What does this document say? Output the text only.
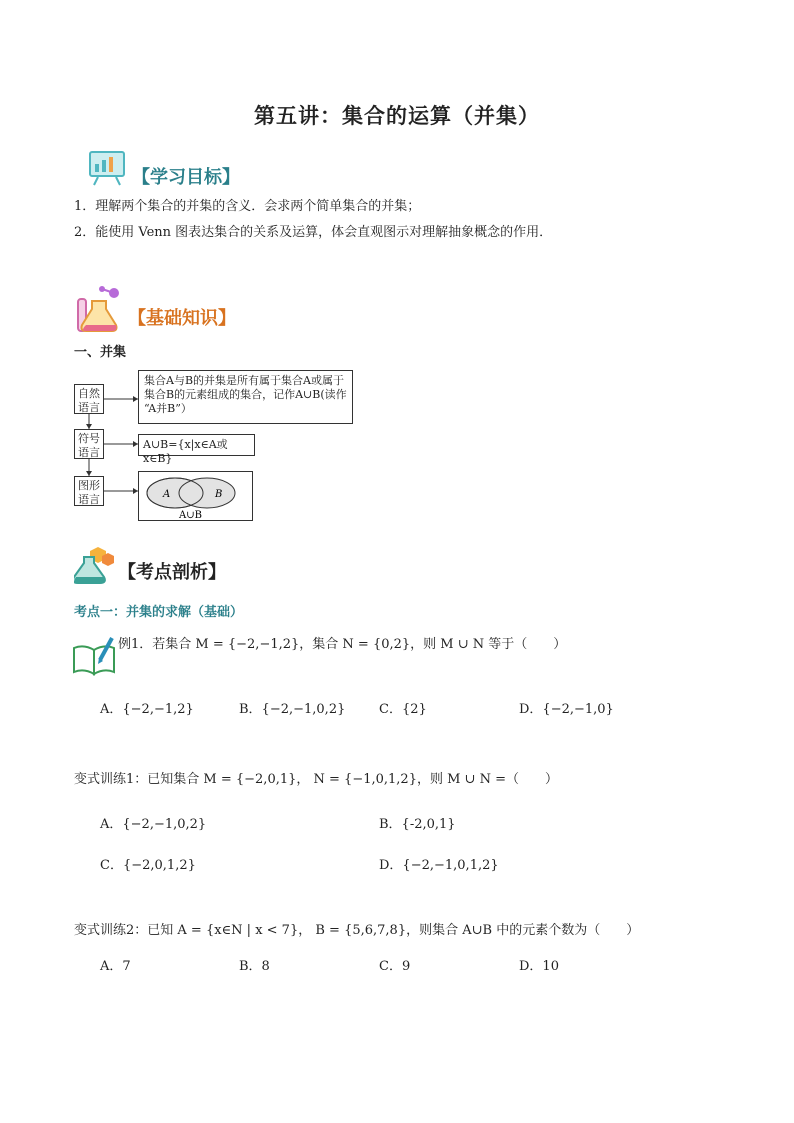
第五讲：集合的运算（并集）
【学习目标】
1．理解两个集合的并集的含义．会求两个简单集合的并集；
2．能使用 Venn 图表达集合的关系及运算，体会直观图示对理解抽象概念的作用．
【基础知识】
一、并集
自然语言
符号语言
图形语言
集合A与B的并集是所有属于集合A或属于
集合B的元素组成的集合，记作A∪B(读作
“A并B”）
A∪B={x|x∈A或x∈B}
A	B
A∪B
【考点剖析】
考点一：并集的求解（基础）
例1．若集合 M = {−2,−1,2}，集合 N = {0,2}，则 M ∪ N 等于（　　）
A．{−2,−1,2}	B．{−2,−1,0,2}	C．{2}	D．{−2,−1,0}
变式训练1：已知集合 M = {−2,0,1}， N = {−1,0,1,2}，则 M ∪ N =（　　）
A．{−2,−1,0,2}	B．{-2,0,1}
C．{−2,0,1,2}	D．{−2,−1,0,1,2}
变式训练2：已知 A = {x∈N | x < 7}， B = {5,6,7,8}，则集合 A∪B 中的元素个数为（　　）
A．7	B．8	C．9	D．10
